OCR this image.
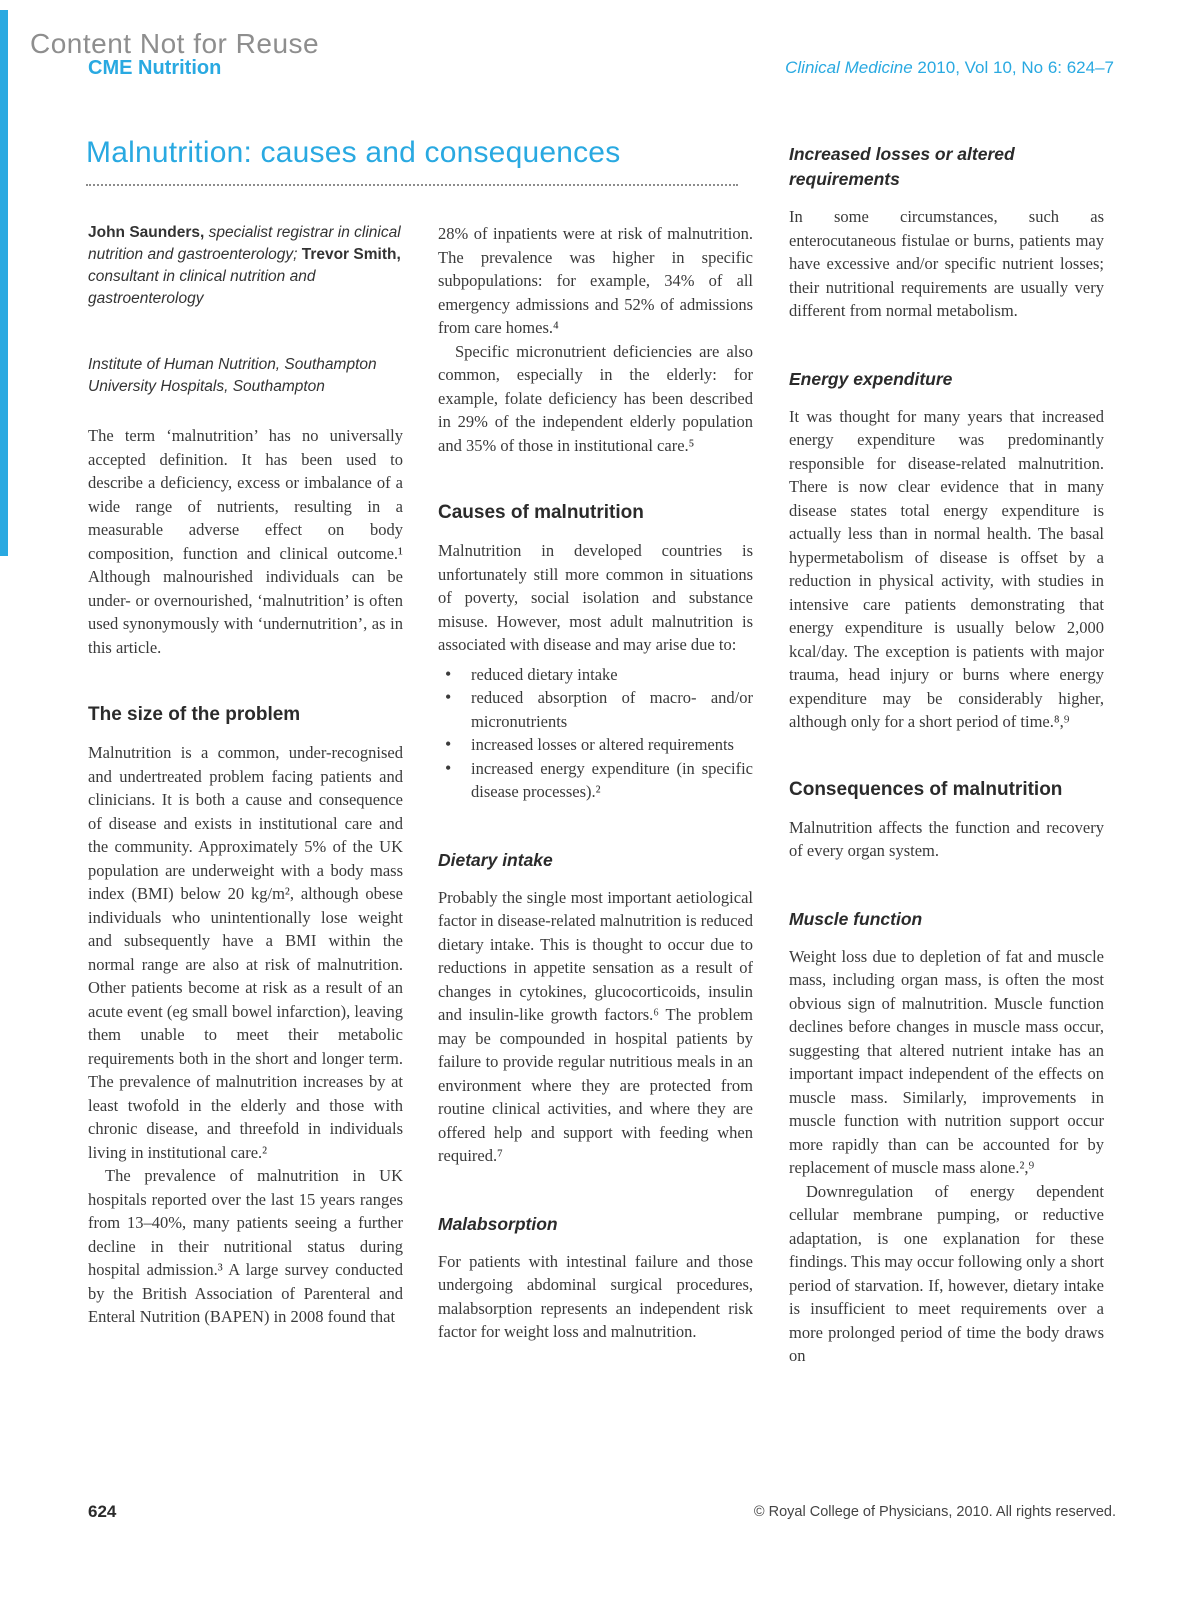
Content Not for Reuse
CME Nutrition	Clinical Medicine 2010, Vol 10, No 6: 624–7
Malnutrition: causes and consequences

John Saunders, specialist registrar in clinical nutrition and gastroenterology; Trevor Smith, consultant in clinical nutrition and gastroenterology

Institute of Human Nutrition, Southampton University Hospitals, Southampton

The term ‘malnutrition’ has no universally accepted definition. It has been used to describe a deficiency, excess or imbalance of a wide range of nutrients, resulting in a measurable adverse effect on body composition, function and clinical outcome.¹ Although malnourished individuals can be under- or overnourished, ‘malnutrition’ is often used synonymously with ‘undernutrition’, as in this article.

The size of the problem

Malnutrition is a common, under-recognised and undertreated problem facing patients and clinicians. It is both a cause and consequence of disease and exists in institutional care and the community. Approximately 5% of the UK population are underweight with a body mass index (BMI) below 20 kg/m², although obese individuals who unintentionally lose weight and subsequently have a BMI within the normal range are also at risk of malnutrition. Other patients become at risk as a result of an acute event (eg small bowel infarction), leaving them unable to meet their metabolic requirements both in the short and longer term. The prevalence of malnutrition increases by at least twofold in the elderly and those with chronic disease, and threefold in individuals living in institutional care.²

The prevalence of malnutrition in UK hospitals reported over the last 15 years ranges from 13–40%, many patients seeing a further decline in their nutritional status during hospital admission.³ A large survey conducted by the British Association of Parenteral and Enteral Nutrition (BAPEN) in 2008 found that

28% of inpatients were at risk of malnutrition. The prevalence was higher in specific subpopulations: for example, 34% of all emergency admissions and 52% of admissions from care homes.⁴

Specific micronutrient deficiencies are also common, especially in the elderly: for example, folate deficiency has been described in 29% of the independent elderly population and 35% of those in institutional care.⁵

Causes of malnutrition

Malnutrition in developed countries is unfortunately still more common in situations of poverty, social isolation and substance misuse. However, most adult malnutrition is associated with disease and may arise due to:

• reduced dietary intake
• reduced absorption of macro- and/or micronutrients
• increased losses or altered requirements
• increased energy expenditure (in specific disease processes).²
Dietary intake

Probably the single most important aetiological factor in disease-related malnutrition is reduced dietary intake. This is thought to occur due to reductions in appetite sensation as a result of changes in cytokines, glucocorticoids, insulin and insulin-like growth factors.⁶ The problem may be compounded in hospital patients by failure to provide regular nutritious meals in an environment where they are protected from routine clinical activities, and where they are offered help and support with feeding when required.⁷

Malabsorption

For patients with intestinal failure and those undergoing abdominal surgical procedures, malabsorption represents an independent risk factor for weight loss and malnutrition.

Increased losses or altered requirements

In some circumstances, such as enterocutaneous fistulae or burns, patients may have excessive and/or specific nutrient losses; their nutritional requirements are usually very different from normal metabolism.

Energy expenditure

It was thought for many years that increased energy expenditure was predominantly responsible for disease-related malnutrition. There is now clear evidence that in many disease states total energy expenditure is actually less than in normal health. The basal hypermetabolism of disease is offset by a reduction in physical activity, with studies in intensive care patients demonstrating that energy expenditure is usually below 2,000 kcal/day. The exception is patients with major trauma, head injury or burns where energy expenditure may be considerably higher, although only for a short period of time.⁸,⁹

Consequences of malnutrition

Malnutrition affects the function and recovery of every organ system.

Muscle function

Weight loss due to depletion of fat and muscle mass, including organ mass, is often the most obvious sign of malnutrition. Muscle function declines before changes in muscle mass occur, suggesting that altered nutrient intake has an important impact independent of the effects on muscle mass. Similarly, improvements in muscle function with nutrition support occur more rapidly than can be accounted for by replacement of muscle mass alone.²,⁹

Downregulation of energy dependent cellular membrane pumping, or reductive adaptation, is one explanation for these findings. This may occur following only a short period of starvation. If, however, dietary intake is insufficient to meet requirements over a more prolonged period of time the body draws on

624	© Royal College of Physicians, 2010. All rights reserved.
